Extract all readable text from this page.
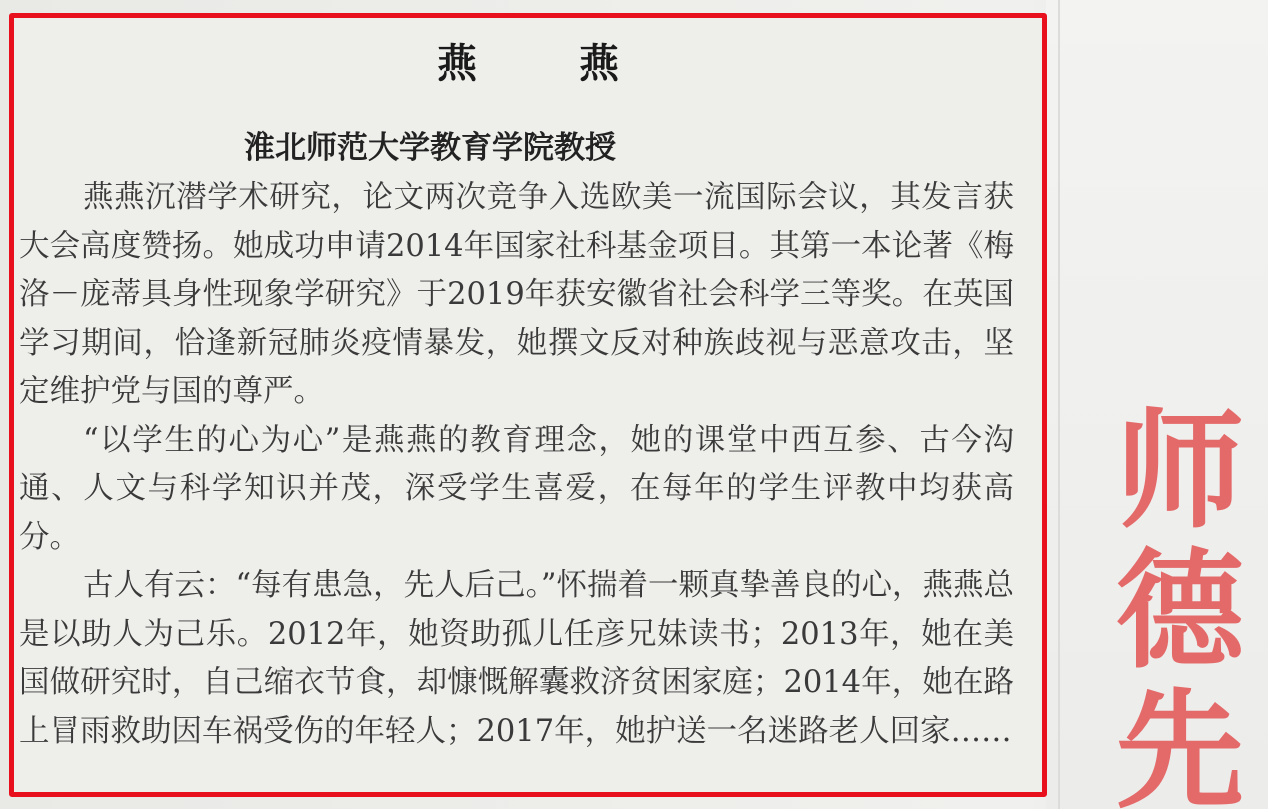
师
德
先
燕 燕
淮北师范大学教育学院教授

燕燕沉潜学术研究，论文两次竞争入选欧美一流国际会议，其发言获大会高度赞扬。她成功申请2014年国家社科基金项目。其第一本论著《梅洛－庞蒂具身性现象学研究》于2019年获安徽省社会科学三等奖。在英国学习期间，恰逢新冠肺炎疫情暴发，她撰文反对种族歧视与恶意攻击，坚定维护党与国的尊严。

“以学生的心为心”是燕燕的教育理念，她的课堂中西互参、古今沟通、人文与科学知识并茂，深受学生喜爱，在每年的学生评教中均获高分。

古人有云：“每有患急，先人后己。”怀揣着一颗真挚善良的心，燕燕总是以助人为己乐。2012年，她资助孤儿任彦兄妹读书；2013年，她在美国做研究时，自己缩衣节食，却慷慨解囊救济贫困家庭；2014年，她在路上冒雨救助因车祸受伤的年轻人；2017年，她护送一名迷路老人回家……
